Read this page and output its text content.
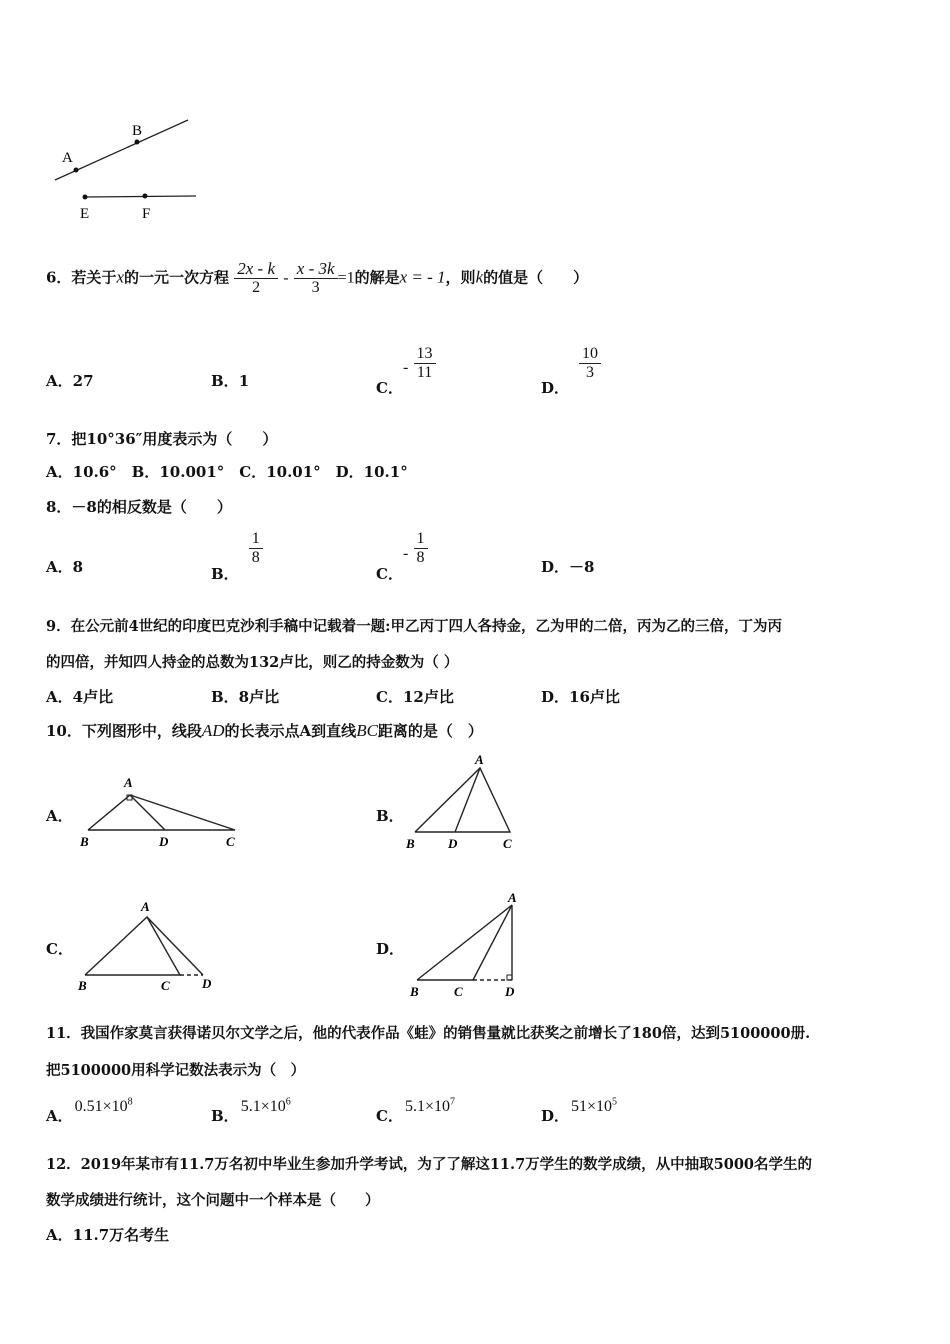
A
B
E	F
6．若关于x的一元一次方程 $\frac{2x - k}{2} - \frac{x - 3k}{3} =1$的解是x = - 1，则k的值是（　　）
A．27	B．1	C．- $\frac{13}{11}$
D．
$\frac{10}{3}$
7．把10°36″用度表示为（　　）
A．10.6°　B．10.001°　C．10.01°　D．10.1°
8．－8的相反数是（　　）
A．8	B．
$\frac{1}{8}$
C．- $\frac{1}{8}$	D．－8
9．在公元前4世纪的印度巴克沙利手稿中记载着一题:甲乙丙丁四人各持金，乙为甲的二倍，丙为乙的三倍，丁为丙
的四倍，并知四人持金的总数为132卢比，则乙的持金数为（ ）
A．4卢比	B．8卢比	C．12卢比	D．16卢比
10．下列图形中，线段AD的长表示点A到直线BC距离的是（　）
A．
A
B	D	C
B．
A
B	D	C
C．
A
B	C D
D．
A
B	C	D
11．我国作家莫言获得诺贝尔文学之后，他的代表作品《蛙》的销售量就比获奖之前增长了180倍，达到5100000册.
把5100000用科学记数法表示为（　）
A．$0.51\times 10^8$
B．$5.1\times 10^6$
C．$5.1\times 10^7$
D．$51\times 10^5$
12．2019年某市有11.7万名初中毕业生参加升学考试，为了了解这11.7万学生的数学成绩，从中抽取5000名学生的
数学成绩进行统计，这个问题中一个样本是（　　）
A．11.7万名考生
